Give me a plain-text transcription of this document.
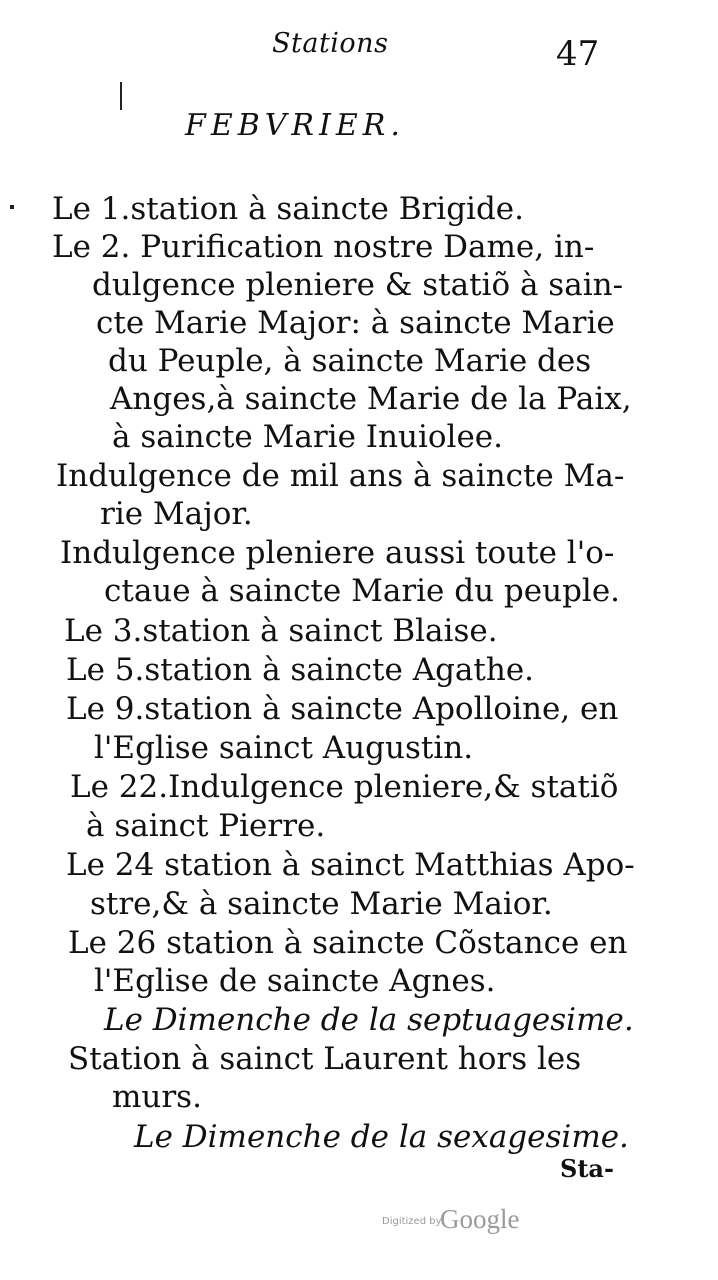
Stations	47
FEBVRIER.
Le 1.station à saincte Brigide.
Le 2. Purification nostre Dame, in-
dulgence pleniere & statiõ à sain-
cte Marie Major: à saincte Marie
du Peuple, à saincte Marie des
Anges,à saincte Marie de la Paix,
à saincte Marie Inuiolee.
Indulgence de mil ans à saincte Ma-
rie Major.
Indulgence pleniere aussi toute l'o-
ctaue à saincte Marie du peuple.
Le 3.station à sainct Blaise.
Le 5.station à saincte Agathe.
Le 9.station à saincte Apolloine, en
l'Eglise sainct Augustin.
Le 22.Indulgence pleniere,& statiõ
à sainct Pierre.
Le 24 station à sainct Matthias Apo-
stre,& à saincte Marie Maior.
Le 26 station à saincte Cõstance en
l'Eglise de saincte Agnes.
Le Dimenche de la septuagesime.
Station à sainct Laurent hors les
murs.
Le Dimenche de la sexagesime.
Sta-
Digitized by
Google
